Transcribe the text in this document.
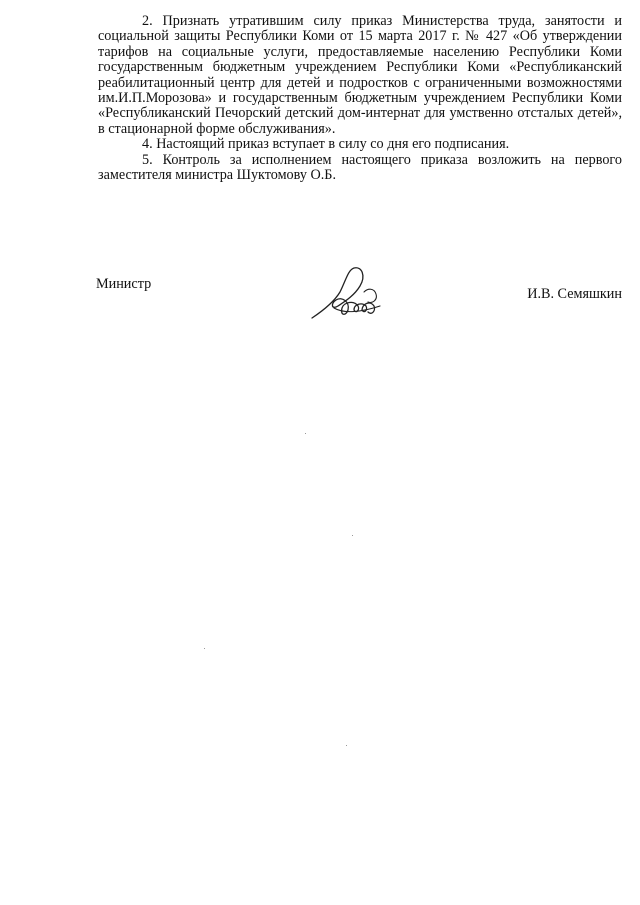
2. Признать утратившим силу приказ Министерства труда, занятости и социальной защиты Республики Коми от 15 марта 2017 г. № 427 «Об утверждении тарифов на социальные услуги, предоставляемые населению Республики Коми государственным бюджетным учреждением Республики Коми «Республиканский реабилитационный центр для детей и подростков с ограниченными возможностями им.И.П.Морозова» и государственным бюджетным учреждением Республики Коми «Республиканский Печорский детский дом-интернат для умственно отсталых детей», в стационарной форме обслуживания».

4. Настоящий приказ вступает в силу со дня его подписания.

5. Контроль за исполнением настоящего приказа возложить на первого заместителя министра Шуктомову О.Б.

Министр
И.В. Семяшкин
